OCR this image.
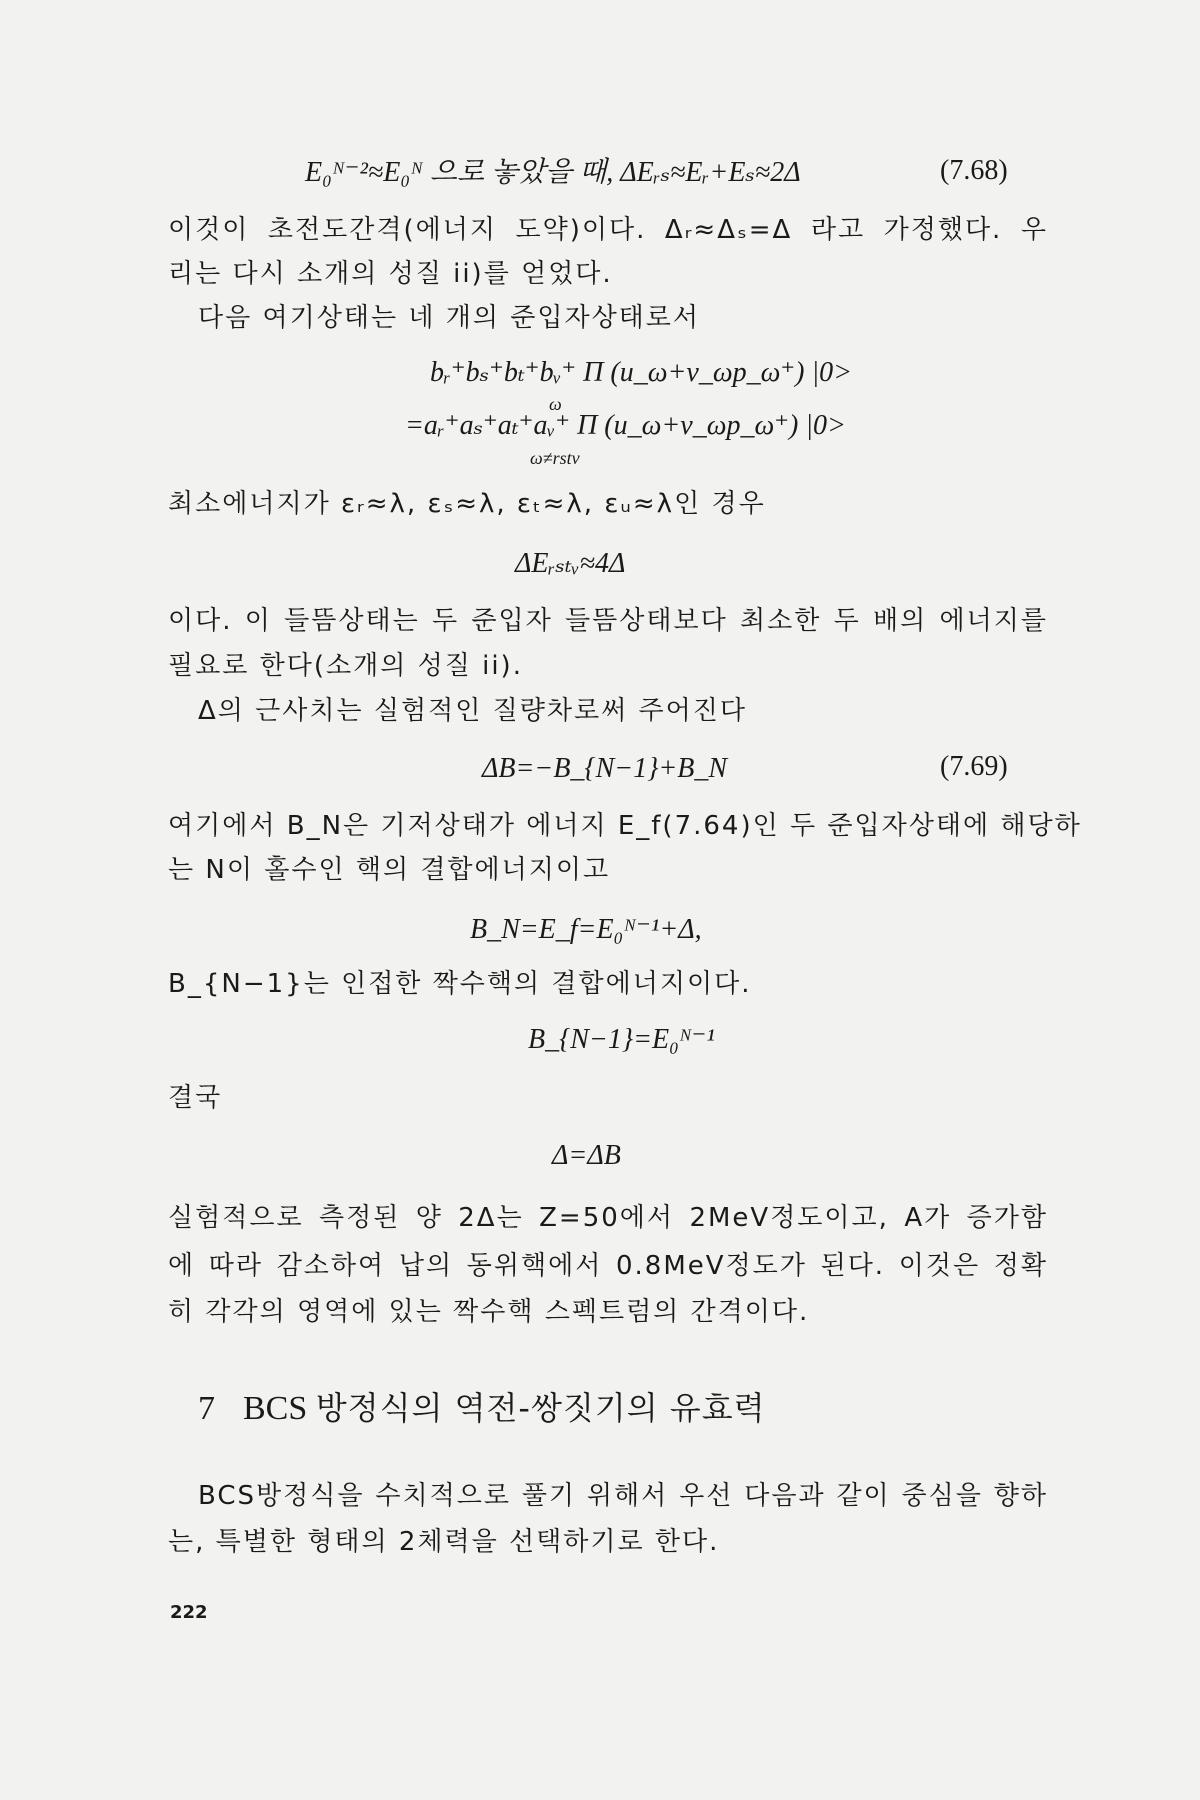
E₀ᴺ⁻²≈E₀ᴺ 으로 놓았을 때, ΔEᵣₛ≈Eᵣ+Eₛ≈2Δ	(7.68)
이것이 초전도간격(에너지 도약)이다. Δᵣ≈Δₛ=Δ 라고 가정했다. 우
리는 다시 소개의 성질 ii)를 얻었다.
다음 여기상태는 네 개의 준입자상태로서
bᵣ⁺bₛ⁺bₜ⁺bᵥ⁺ Π (u_ω+v_ωp_ω⁺) |0>
ω
=aᵣ⁺aₛ⁺aₜ⁺aᵥ⁺ Π (u_ω+v_ωp_ω⁺) |0>
ω≠rstv
최소에너지가 εᵣ≈λ, εₛ≈λ, εₜ≈λ, εᵤ≈λ인 경우
ΔEᵣₛₜᵥ≈4Δ
이다. 이 들뜸상태는 두 준입자 들뜸상태보다 최소한 두 배의 에너지를
필요로 한다(소개의 성질 ii).
Δ의 근사치는 실험적인 질량차로써 주어진다
ΔB=−B_{N−1}+B_N	(7.69)
여기에서 B_N은 기저상태가 에너지 E_f(7.64)인 두 준입자상태에 해당하
는 N이 홀수인 핵의 결합에너지이고
B_N=E_f=E₀ᴺ⁻¹+Δ,
B_{N−1}는 인접한 짝수핵의 결합에너지이다.
B_{N−1}=E₀ᴺ⁻¹
결국
Δ=ΔB
실험적으로 측정된 양 2Δ는 Z=50에서 2MeV정도이고, A가 증가함
에 따라 감소하여 납의 동위핵에서 0.8MeV정도가 된다. 이것은 정확
히 각각의 영역에 있는 짝수핵 스펙트럼의 간격이다.
7 BCS 방정식의 역전-쌍짓기의 유효력
BCS방정식을 수치적으로 풀기 위해서 우선 다음과 같이 중심을 향하
는, 특별한 형태의 2체력을 선택하기로 한다.
222
